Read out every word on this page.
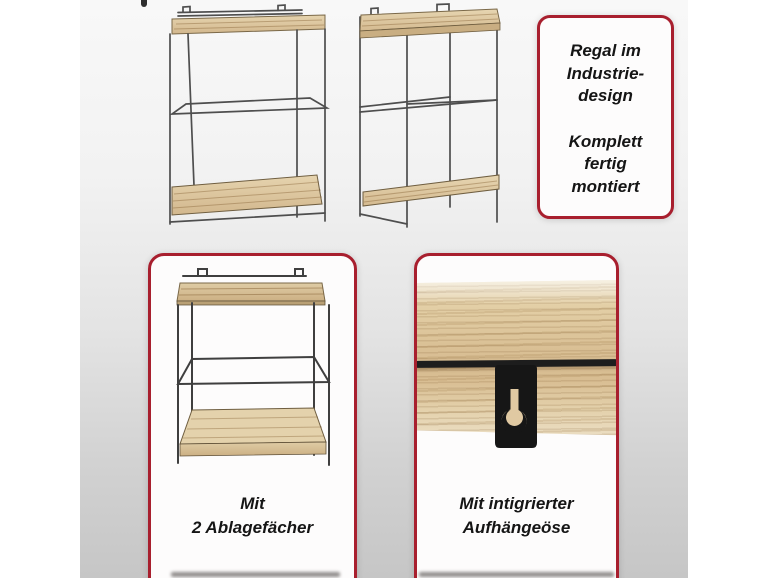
Regal im
Industrie-
design
Komplett
fertig
montiert
Mit
2 Ablagefächer
Mit intigrierter
Aufhängeöse
